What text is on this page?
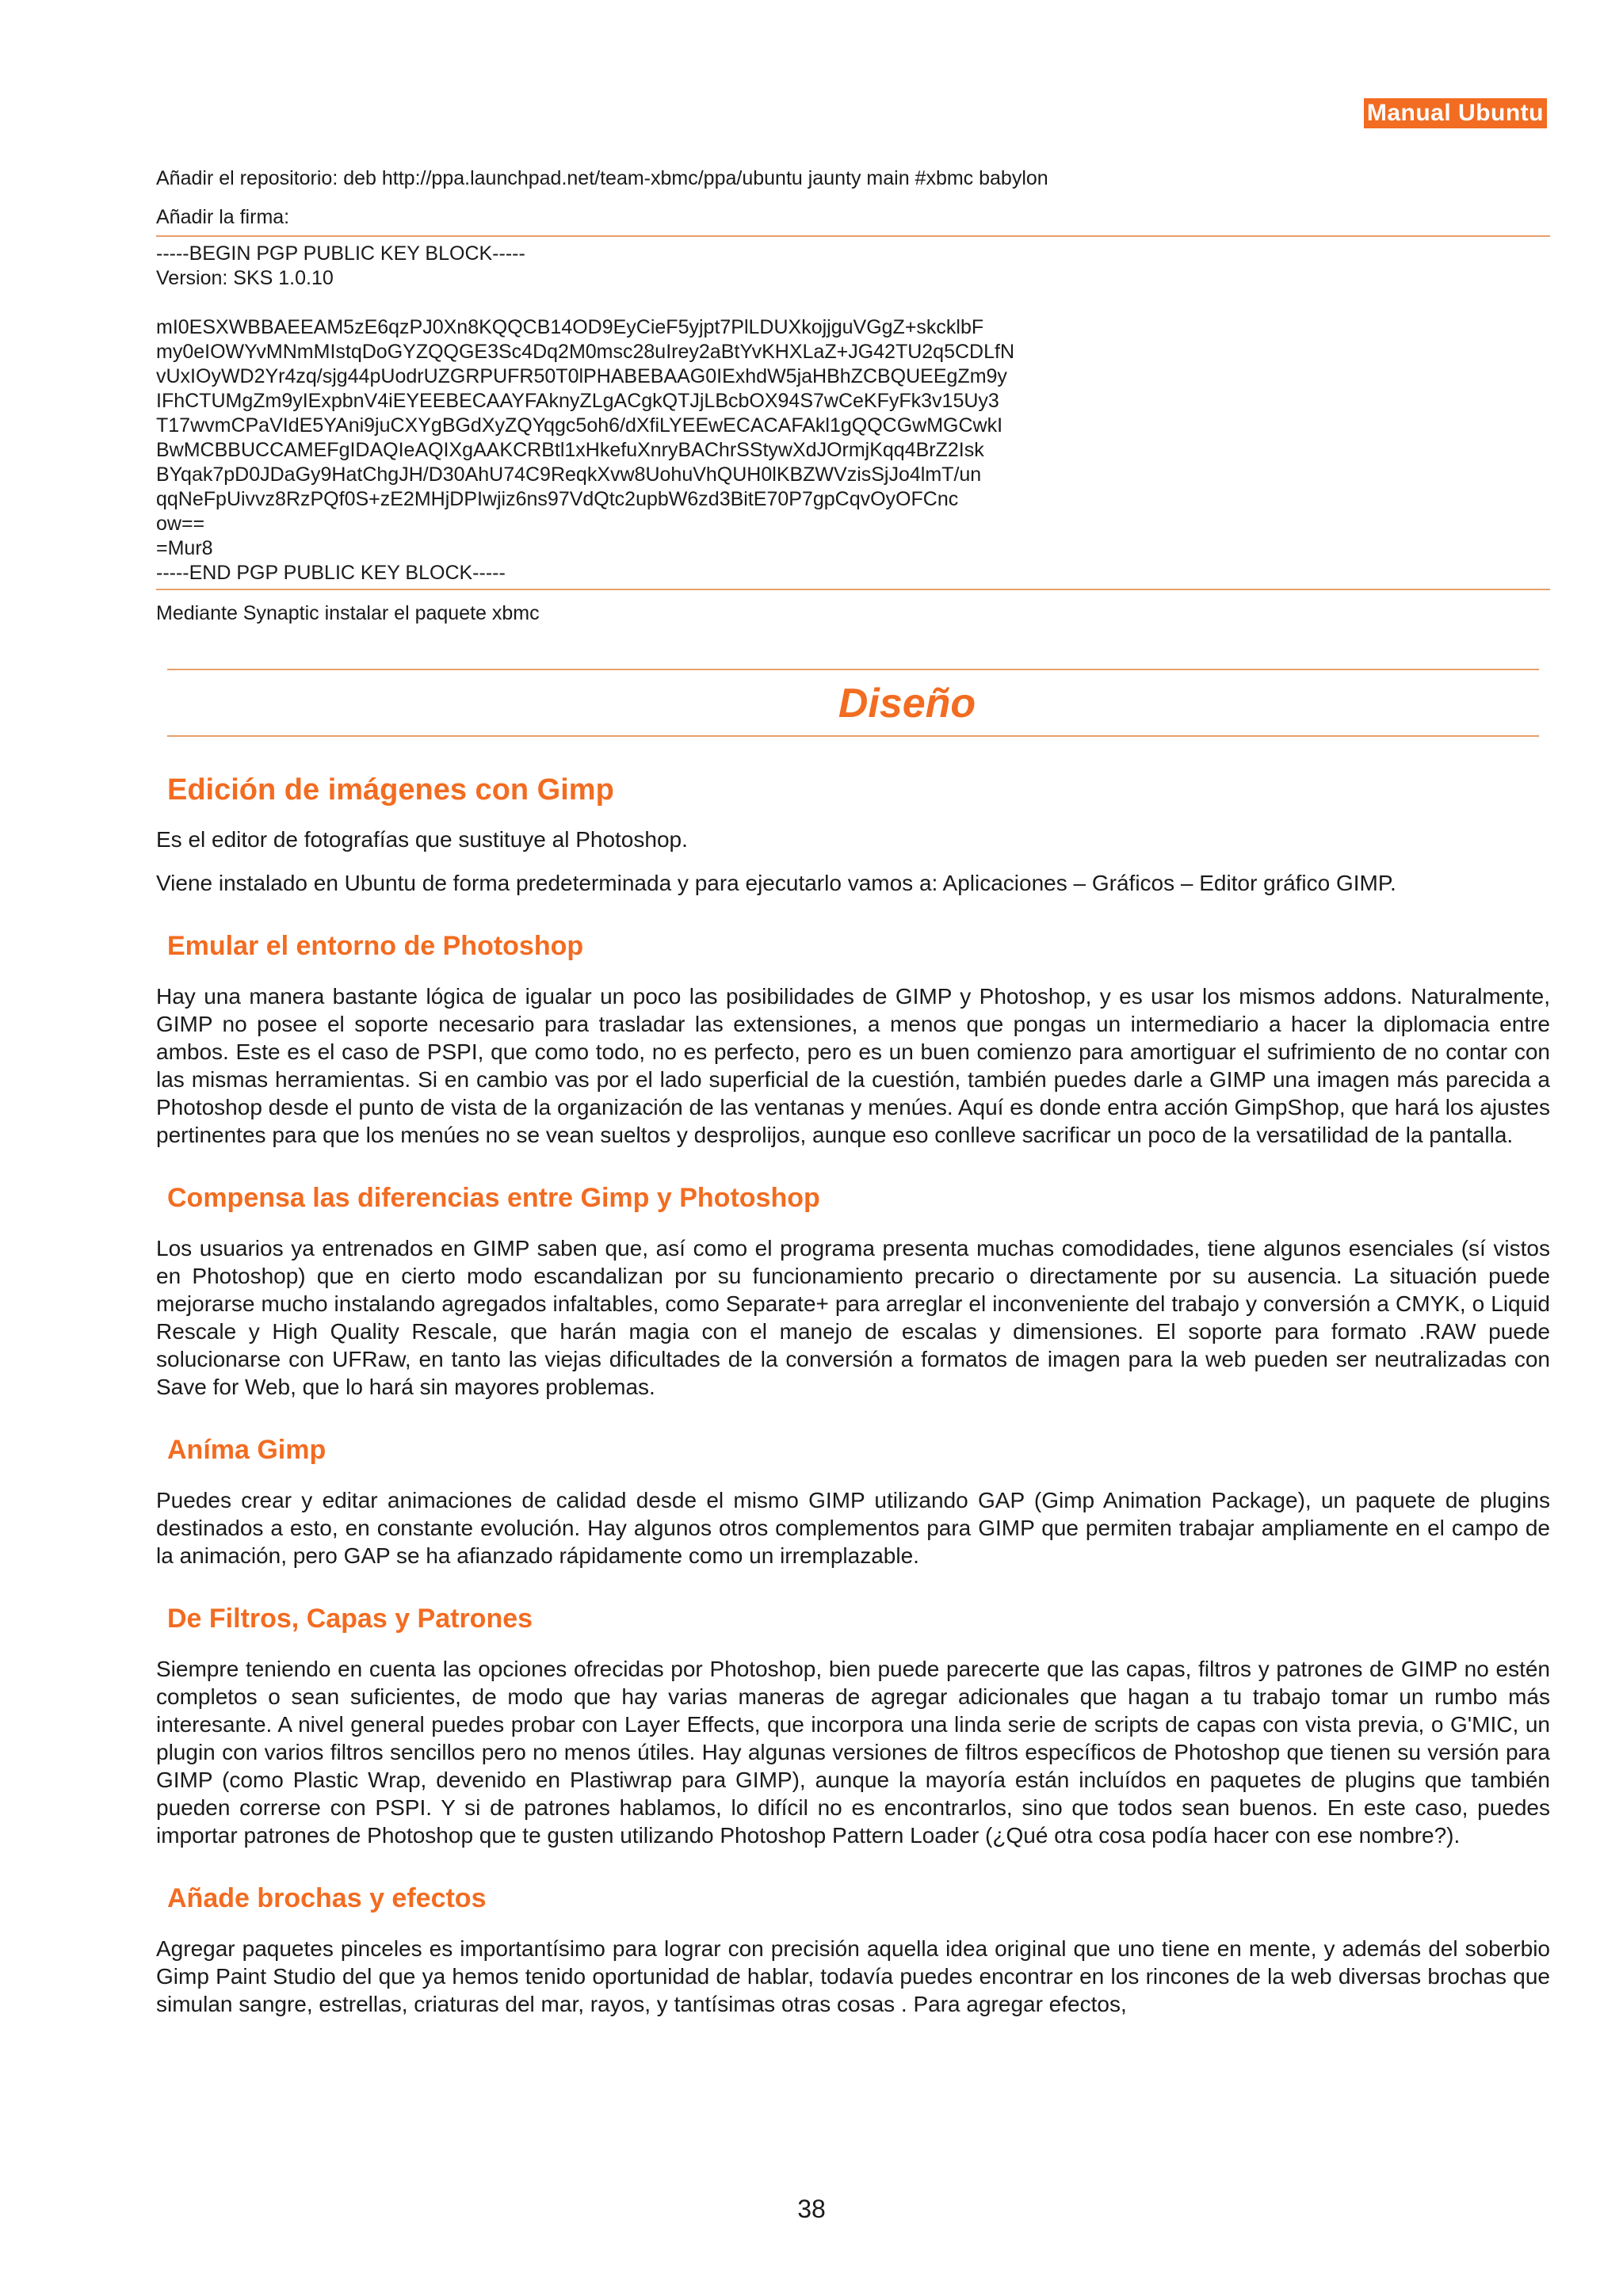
Manual Ubuntu

Añadir el repositorio: deb http://ppa.launchpad.net/team-xbmc/ppa/ubuntu jaunty main #xbmc babylon

Añadir la firma:

-----BEGIN PGP PUBLIC KEY BLOCK-----
Version: SKS 1.0.10

mI0ESXWBBAEEAM5zE6qzPJ0Xn8KQQCB14OD9EyCieF5yjpt7PlLDUXkojjguVGgZ+skcklbF
my0eIOWYvMNmMIstqDoGYZQQGE3Sc4Dq2M0msc28uIrey2aBtYvKHXLaZ+JG42TU2q5CDLfN
vUxIOyWD2Yr4zq/sjg44pUodrUZGRPUFR50T0lPHABEBAAG0IExhdW5jaHBhZCBQUEEgZm9y
IFhCTUMgZm9yIExpbnV4iEYEEBECAAYFAknyZLgACgkQTJjLBcbOX94S7wCeKFyFk3v15Uy3
T17wvmCPaVIdE5YAni9juCXYgBGdXyZQYqgc5oh6/dXfiLYEEwECACAFAkl1gQQCGwMGCwkI
BwMCBBUCCAMEFgIDAQIeAQIXgAAKCRBtl1xHkefuXnryBAChrSStywXdJOrmjKqq4BrZ2Isk
BYqak7pD0JDaGy9HatChgJH/D30AhU74C9ReqkXvw8UohuVhQUH0lKBZWVzisSjJo4lmT/un
qqNeFpUivvz8RzPQf0S+zE2MHjDPIwjiz6ns97VdQtc2upbW6zd3BitE70P7gpCqvOyOFCnc
ow==
=Mur8
-----END PGP PUBLIC KEY BLOCK-----

Mediante Synaptic instalar el paquete xbmc

Diseño
Edición de imágenes con Gimp

Es el editor de fotografías que sustituye al Photoshop.

Viene instalado en Ubuntu de forma predeterminada y para ejecutarlo vamos a: Aplicaciones – Gráficos – Editor gráfico GIMP.

Emular el entorno de Photoshop

Hay una manera bastante lógica de igualar un poco las posibilidades de GIMP y Photoshop, y es usar los mismos addons. Naturalmente, GIMP no posee el soporte necesario para trasladar las extensiones, a menos que pongas un intermediario a hacer la diplomacia entre ambos. Este es el caso de PSPI, que como todo, no es perfecto, pero es un buen comienzo para amortiguar el sufrimiento de no contar con las mismas herramientas. Si en cambio vas por el lado superficial de la cuestión, también puedes darle a GIMP una imagen más parecida a Photoshop desde el punto de vista de la organización de las ventanas y menúes. Aquí es donde entra acción GimpShop, que hará los ajustes pertinentes para que los menúes no se vean sueltos y desprolijos, aunque eso conlleve sacrificar un poco de la versatilidad de la pantalla.

Compensa las diferencias entre Gimp y Photoshop

Los usuarios ya entrenados en GIMP saben que, así como el programa presenta muchas comodidades, tiene algunos esenciales (sí vistos en Photoshop) que en cierto modo escandalizan por su funcionamiento precario o directamente por su ausencia. La situación puede mejorarse mucho instalando agregados infaltables, como Separate+ para arreglar el inconveniente del trabajo y conversión a CMYK, o Liquid Rescale y High Quality Rescale, que harán magia con el manejo de escalas y dimensiones. El soporte para formato .RAW puede solucionarse con UFRaw, en tanto las viejas dificultades de la conversión a formatos de imagen para la web pueden ser neutralizadas con Save for Web, que lo hará sin mayores problemas.

Aníma Gimp

Puedes crear y editar animaciones de calidad desde el mismo GIMP utilizando GAP (Gimp Animation Package), un paquete de plugins destinados a esto, en constante evolución. Hay algunos otros complementos para GIMP que permiten trabajar ampliamente en el campo de la animación, pero GAP se ha afianzado rápidamente como un irremplazable.

De Filtros, Capas y Patrones

Siempre teniendo en cuenta las opciones ofrecidas por Photoshop, bien puede parecerte que las capas, filtros y patrones de GIMP no estén completos o sean suficientes, de modo que hay varias maneras de agregar adicionales que hagan a tu trabajo tomar un rumbo más interesante. A nivel general puedes probar con Layer Effects, que incorpora una linda serie de scripts de capas con vista previa, o G'MIC, un plugin con varios filtros sencillos pero no menos útiles. Hay algunas versiones de filtros específicos de Photoshop que tienen su versión para GIMP (como Plastic Wrap, devenido en Plastiwrap para GIMP), aunque la mayoría están incluídos en paquetes de plugins que también pueden correrse con PSPI. Y si de patrones hablamos, lo difícil no es encontrarlos, sino que todos sean buenos. En este caso, puedes importar patrones de Photoshop que te gusten utilizando Photoshop Pattern Loader (¿Qué otra cosa podía hacer con ese nombre?).

Añade brochas y efectos

Agregar paquetes pinceles es importantísimo para lograr con precisión aquella idea original que uno tiene en mente, y además del soberbio Gimp Paint Studio del que ya hemos tenido oportunidad de hablar, todavía puedes encontrar en los rincones de la web diversas brochas que simulan sangre, estrellas, criaturas del mar, rayos, y tantísimas otras cosas . Para agregar efectos,

38
